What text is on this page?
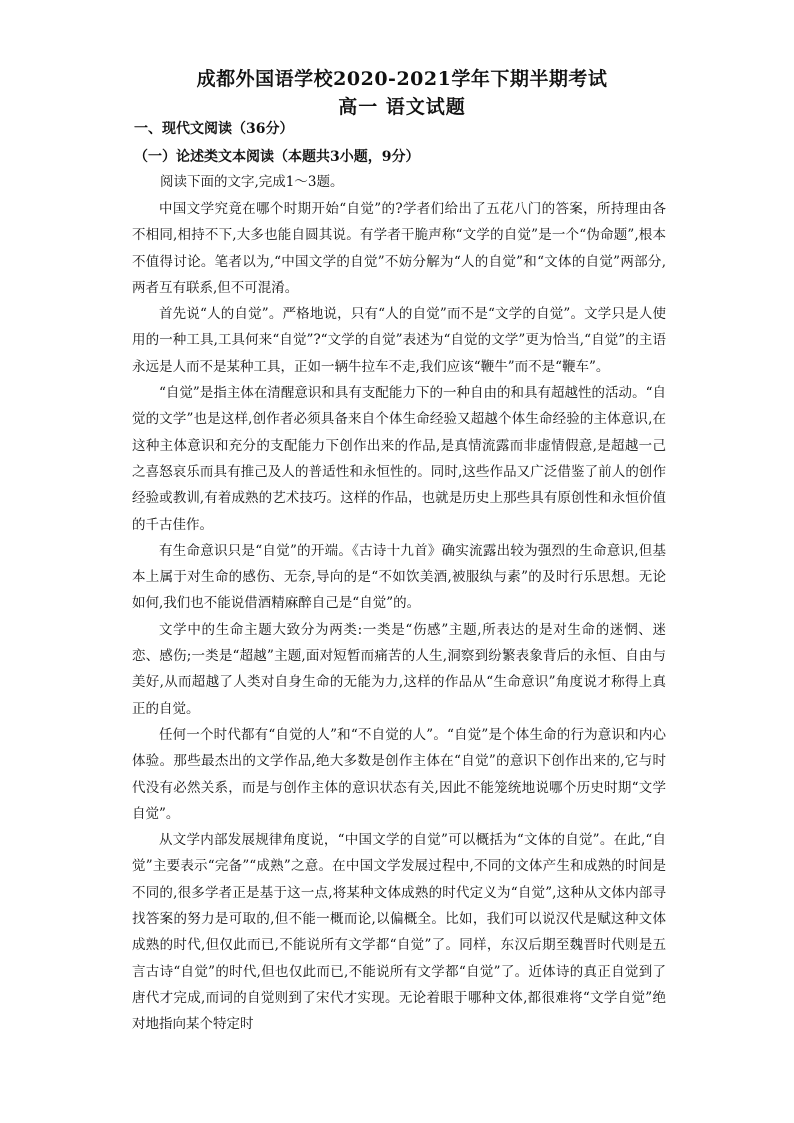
成都外国语学校2020-2021学年下期半期考试
高一 语文试题
一、现代文阅读（36分）
（一）论述类文本阅读（本题共3小题，9分）
阅读下面的文字,完成1～3题。

中国文学究竟在哪个时期开始“自觉”的?学者们给出了五花八门的答案，所持理由各不相同,相持不下,大多也能自圆其说。有学者干脆声称“文学的自觉”是一个“伪命题”,根本不值得讨论。笔者以为,“中国文学的自觉”不妨分解为“人的自觉”和“文体的自觉”两部分,两者互有联系,但不可混淆。

首先说“人的自觉”。严格地说，只有“人的自觉”而不是“文学的自觉”。文学只是人使用的一种工具,工具何来“自觉”?“文学的自觉”表述为“自觉的文学”更为恰当,“自觉”的主语永远是人而不是某种工具，正如一辆牛拉车不走,我们应该“鞭牛”而不是“鞭车”。

“自觉”是指主体在清醒意识和具有支配能力下的一种自由的和具有超越性的活动。“自觉的文学”也是这样,创作者必须具备来自个体生命经验又超越个体生命经验的主体意识,在这种主体意识和充分的支配能力下创作出来的作品,是真情流露而非虚情假意,是超越一己之喜怒哀乐而具有推己及人的普适性和永恒性的。同时,这些作品又广泛借鉴了前人的创作经验或教训,有着成熟的艺术技巧。这样的作品，也就是历史上那些具有原创性和永恒价值的千古佳作。

有生命意识只是“自觉”的开端。《古诗十九首》确实流露出较为强烈的生命意识,但基本上属于对生命的感伤、无奈,导向的是“不如饮美酒,被服纨与素”的及时行乐思想。无论如何,我们也不能说借酒精麻醉自己是“自觉”的。

文学中的生命主题大致分为两类:一类是“伤感”主题,所表达的是对生命的迷惘、迷恋、感伤;一类是“超越”主题,面对短暂而痛苦的人生,洞察到纷繁表象背后的永恒、自由与美好,从而超越了人类对自身生命的无能为力,这样的作品从“生命意识”角度说才称得上真正的自觉。

任何一个时代都有“自觉的人”和“不自觉的人”。“自觉”是个体生命的行为意识和内心体验。那些最杰出的文学作品,绝大多数是创作主体在“自觉”的意识下创作出来的,它与时代没有必然关系，而是与创作主体的意识状态有关,因此不能笼统地说哪个历史时期“文学自觉”。

从文学内部发展规律角度说，“中国文学的自觉”可以概括为“文体的自觉”。在此,“自觉”主要表示“完备”“成熟”之意。在中国文学发展过程中,不同的文体产生和成熟的时间是不同的,很多学者正是基于这一点,将某种文体成熟的时代定义为“自觉”,这种从文体内部寻找答案的努力是可取的,但不能一概而论,以偏概全。比如，我们可以说汉代是赋这种文体成熟的时代,但仅此而已,不能说所有文学都“自觉”了。同样，东汉后期至魏晋时代则是五言古诗“自觉”的时代,但也仅此而已,不能说所有文学都“自觉”了。近体诗的真正自觉到了唐代才完成,而词的自觉则到了宋代才实现。无论着眼于哪种文体,都很难将“文学自觉”绝对地指向某个特定时
